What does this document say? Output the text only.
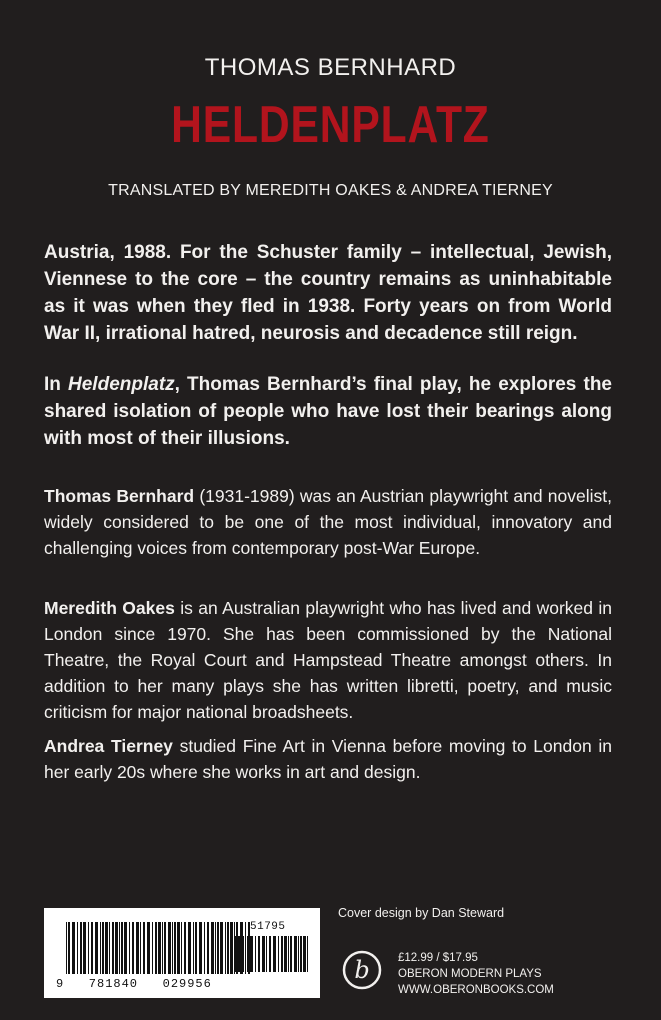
THOMAS BERNHARD
HELDENPLATZ
TRANSLATED BY MEREDITH OAKES & ANDREA TIERNEY

Austria, 1988. For the Schuster family – intellectual, Jewish, Viennese to the core – the country remains as uninhabitable as it was when they fled in 1938. Forty years on from World War II, irrational hatred, neurosis and decadence still reign.

In Heldenplatz, Thomas Bernhard’s final play, he explores the shared isolation of people who have lost their bearings along with most of their illusions.

Thomas Bernhard (1931-1989) was an Austrian playwright and novelist, widely considered to be one of the most individual, innovatory and challenging voices from contemporary post-War Europe.

Meredith Oakes is an Australian playwright who has lived and worked in London since 1970. She has been commissioned by the National Theatre, the Royal Court and Hampstead Theatre amongst others. In addition to her many plays she has written libretti, poetry, and music criticism for major national broadsheets.

Andrea Tierney studied Fine Art in Vienna before moving to London in her early 20s where she works in art and design.

51795
9   781840   029956
Cover design by Dan Steward
b £12.99 / $17.95
OBERON MODERN PLAYS
WWW.OBERONBOOKS.COM
